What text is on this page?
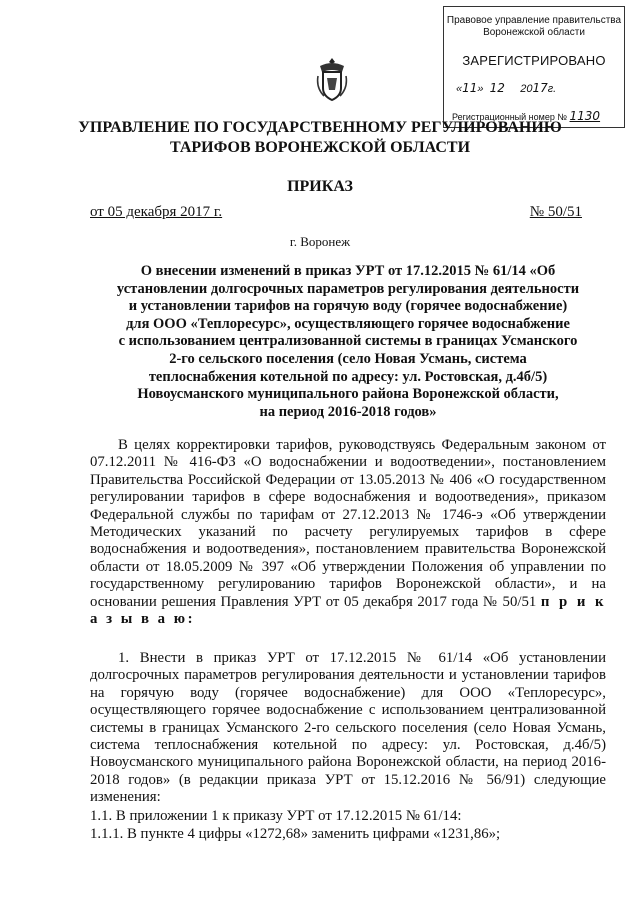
Правовое управление правительства
Воронежской области
ЗАРЕГИСТРИРОВАНО
«11»  12 2017г.
Регистрационный номер № 1130
УПРАВЛЕНИЕ ПО ГОСУДАРСТВЕННОМУ РЕГУЛИРОВАНИЮ
ТАРИФОВ ВОРОНЕЖСКОЙ ОБЛАСТИ
ПРИКАЗ
от 05 декабря 2017 г.	№ 50/51
г. Воронеж
О внесении изменений в приказ УРТ от 17.12.2015 № 61/14 «Об
установлении долгосрочных параметров регулирования деятельности
и установлении тарифов на горячую воду (горячее водоснабжение)
для ООО «Теплоресурс», осуществляющего горячее водоснабжение
с использованием централизованной системы в границах Усманского
2-го сельского поселения (село Новая Усмань, система
теплоснабжения котельной по адресу: ул. Ростовская, д.4б/5)
Новоусманского муниципального района Воронежской области,
на период 2016-2018 годов»
В целях корректировки тарифов, руководствуясь Федеральным законом от 07.12.2011 № 416-ФЗ «О водоснабжении и водоотведении», постановлением Правительства Российской Федерации от 13.05.2013 № 406 «О государственном регулировании тарифов в сфере водоснабжения и водоотведения», приказом Федеральной службы по тарифам от 27.12.2013 № 1746-э «Об утверждении Методических указаний по расчету регулируемых тарифов в сфере водоснабжения и водоотведения», постановлением правительства Воронежской области от 18.05.2009 № 397 «Об утверждении Положения об управлении по государственному регулированию тарифов Воронежской области», и на основании решения Правления УРТ от 05 декабря 2017 года № 50/51 п р и к а з ы в а ю:
1. Внести в приказ УРТ от 17.12.2015 № 61/14 «Об установлении долгосрочных параметров регулирования деятельности и установлении тарифов на горячую воду (горячее водоснабжение) для ООО «Теплоресурс», осуществляющего горячее водоснабжение с использованием централизованной системы в границах Усманского 2-го сельского поселения (село Новая Усмань, система теплоснабжения котельной по адресу: ул. Ростовская, д.4б/5) Новоусманского муниципального района Воронежской области, на период 2016-2018 годов» (в редакции приказа УРТ от 15.12.2016 № 56/91) следующие изменения:
1.1. В приложении 1 к приказу УРТ от 17.12.2015 № 61/14:
1.1.1. В пункте 4 цифры «1272,68» заменить цифрами «1231,86»;
